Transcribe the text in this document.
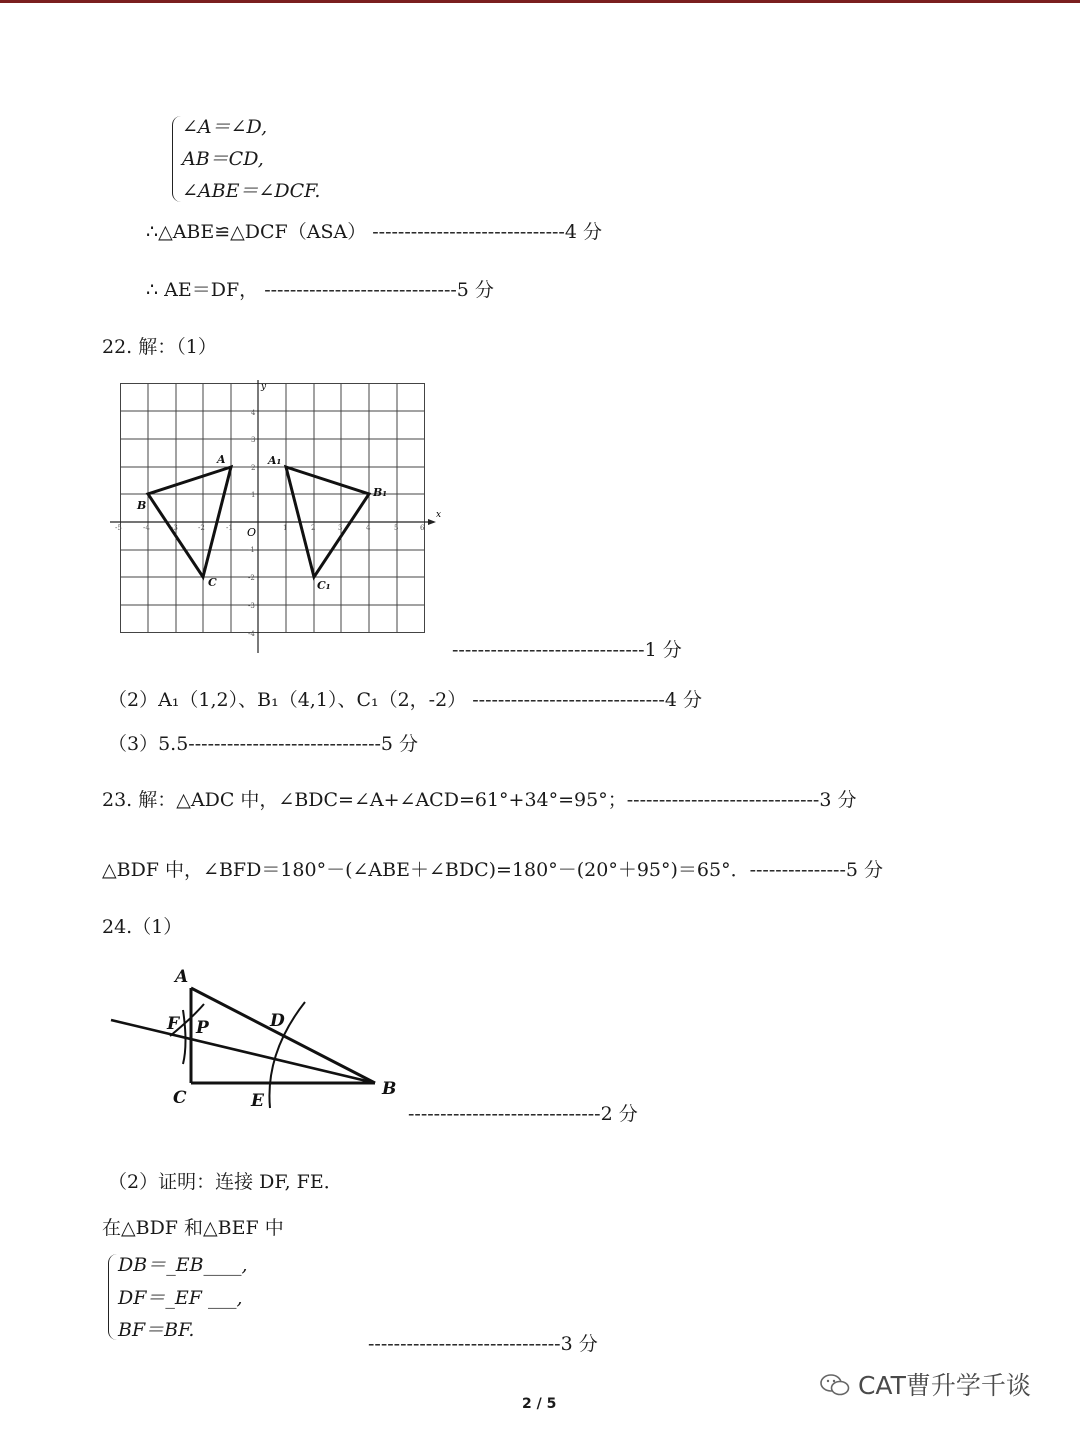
∠A＝∠D,
AB＝CD,
∠ABE＝∠DCF.
∴△ABE≌△DCF（ASA） ------------------------------4 分
∴ AE＝DF， ------------------------------5 分
22. 解：（1）
x
y
O
-5	-4	-3	-2	-1	1	2	3	4	5	6
4
3
2
1
-1
-2
-3
-4
A
B
C
A₁
B₁
C₁
------------------------------1 分
（2）A₁（1,2）、B₁（4,1）、C₁（2，-2） ------------------------------4 分
（3）5.5------------------------------5 分
23. 解：△ADC 中，∠BDC=∠A+∠ACD=61°+34°=95°；------------------------------3 分
△BDF 中，∠BFD＝180°－(∠ABE＋∠BDC)=180°－(20°＋95°)＝65°．---------------5 分
24.（1）
A
F P	D
C	E
B
------------------------------2 分
（2）证明：连接 DF, FE．
在△BDF 和△BEF 中
DB＝_EB____,
DF＝_EF ___,
BF＝BF.
------------------------------3 分
CAT曹升学千谈
2 / 5
